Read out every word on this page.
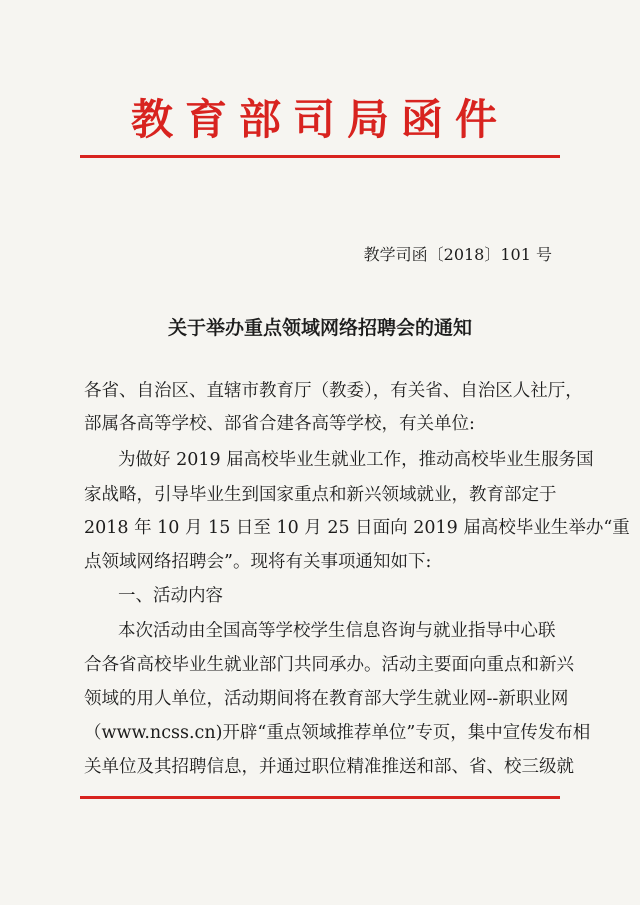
教育部司局函件
教学司函〔2018〕101 号
关于举办重点领域网络招聘会的通知
各省、自治区、直辖市教育厅（教委），有关省、自治区人社厅，
部属各高等学校、部省合建各高等学校，有关单位:
为做好 2019 届高校毕业生就业工作，推动高校毕业生服务国
家战略，引导毕业生到国家重点和新兴领域就业，教育部定于
2018 年 10 月 15 日至 10 月 25 日面向 2019 届高校毕业生举办“重
点领域网络招聘会”。现将有关事项通知如下:
一、活动内容
本次活动由全国高等学校学生信息咨询与就业指导中心联
合各省高校毕业生就业部门共同承办。活动主要面向重点和新兴
领域的用人单位，活动期间将在教育部大学生就业网--新职业网
（www.ncss.cn)开辟“重点领域推荐单位”专页，集中宣传发布相
关单位及其招聘信息，并通过职位精准推送和部、省、校三级就
